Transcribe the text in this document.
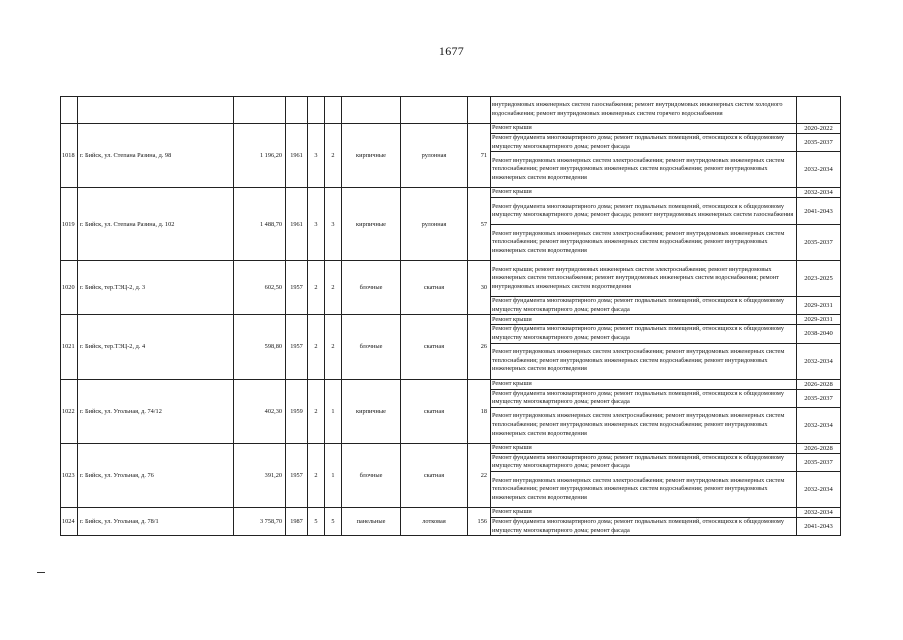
1677
									внутридомовых инженерных систем газоснабжения; ремонт внутридомовых инженерных систем холодного водоснабжения; ремонт внутридомовых инженерных систем горячего водоснабжения	
1018	г. Бийск, ул. Степана Разина, д. 98	1 196,20	1961	3	2	кирпичные	рулонная	71	Ремонт крыши	2020-2022
									Ремонт фундамента многоквартирного дома; ремонт подвальных помещений, относящихся к общедомовому имуществу многоквартирного дома; ремонт фасада	2035-2037
									Ремонт внутридомовых инженерных систем электроснабжения; ремонт внутридомовых инженерных систем теплоснабжения; ремонт внутридомовых инженерных систем водоснабжения; ремонт внутридомовых инженерных систем водоотведения	2032-2034
1019	г. Бийск, ул. Степана Разина, д. 102	1 488,70	1961	3	3	кирпичные	рулонная	57	Ремонт крыши	2032-2034
									Ремонт фундамента многоквартирного дома; ремонт подвальных помещений, относящихся к общедомовому имуществу многоквартирного дома; ремонт фасада; ремонт внутридомовых инженерных систем газоснабжения	2041-2043
									Ремонт внутридомовых инженерных систем электроснабжения; ремонт внутридомовых инженерных систем теплоснабжения; ремонт внутридомовых инженерных систем водоснабжения; ремонт внутридомовых инженерных систем водоотведения	2035-2037
1020	г. Бийск, тер.ТЭЦ-2, д. 3	602,50	1957	2	2	блочные	скатная	30	Ремонт крыши; ремонт внутридомовых инженерных систем электроснабжения; ремонт внутридомовых инженерных систем теплоснабжения; ремонт внутридомовых инженерных систем водоснабжения; ремонт внутридомовых инженерных систем водоотведения	2023-2025
									Ремонт фундамента многоквартирного дома; ремонт подвальных помещений, относящихся к общедомовому имуществу многоквартирного дома; ремонт фасада	2029-2031
1021	г. Бийск, тер.ТЭЦ-2, д. 4	598,80	1957	2	2	блочные	скатная	26	Ремонт крыши	2029-2031
									Ремонт фундамента многоквартирного дома; ремонт подвальных помещений, относящихся к общедомовому имуществу многоквартирного дома; ремонт фасада	2038-2040
									Ремонт внутридомовых инженерных систем электроснабжения; ремонт внутридомовых инженерных систем теплоснабжения; ремонт внутридомовых инженерных систем водоснабжения; ремонт внутридомовых инженерных систем водоотведения	2032-2034
1022	г. Бийск, ул. Угольная, д. 74/12	402,30	1959	2	1	кирпичные	скатная	18	Ремонт крыши	2026-2028
									Ремонт фундамента многоквартирного дома; ремонт подвальных помещений, относящихся к общедомовому имуществу многоквартирного дома; ремонт фасада	2035-2037
									Ремонт внутридомовых инженерных систем электроснабжения; ремонт внутридомовых инженерных систем теплоснабжения; ремонт внутридомовых инженерных систем водоснабжения; ремонт внутридомовых инженерных систем водоотведения	2032-2034
1023	г. Бийск, ул. Угольная, д. 76	391,20	1957	2	1	блочные	скатная	22	Ремонт крыши	2026-2028
									Ремонт фундамента многоквартирного дома; ремонт подвальных помещений, относящихся к общедомовому имуществу многоквартирного дома; ремонт фасада	2035-2037
									Ремонт внутридомовых инженерных систем электроснабжения; ремонт внутридомовых инженерных систем теплоснабжения; ремонт внутридомовых инженерных систем водоснабжения; ремонт внутридомовых инженерных систем водоотведения	2032-2034
1024	г. Бийск, ул. Угольная, д. 78/1	3 758,70	1987	5	5	панельные	лотковая	156	Ремонт крыши	2032-2034
									Ремонт фундамента многоквартирного дома; ремонт подвальных помещений, относящихся к общедомовому имуществу многоквартирного дома; ремонт фасада	2041-2043
